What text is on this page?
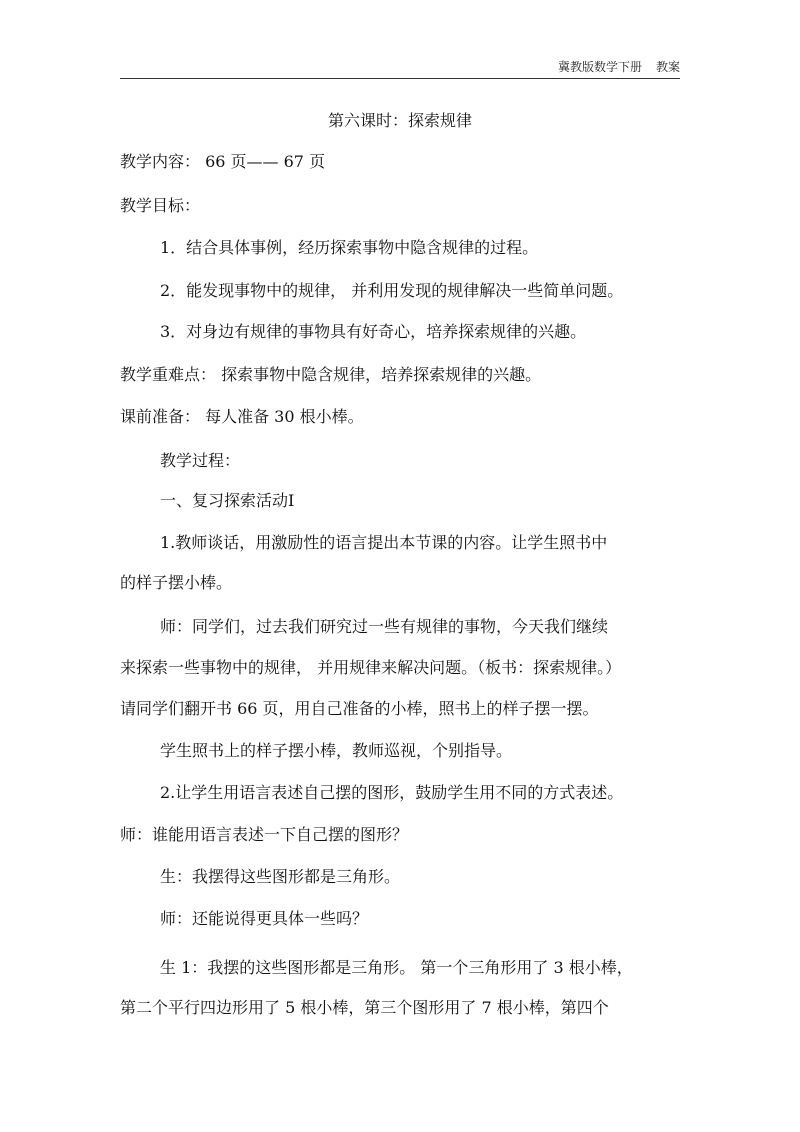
冀教版数学下册 教案
第六课时：探索规律
教学内容： 66 页—— 67 页
教学目标：
1．结合具体事例，经历探索事物中隐含规律的过程。
2．能发现事物中的规律， 并利用发现的规律解决一些简单问题。
3．对身边有规律的事物具有好奇心，培养探索规律的兴趣。
教学重难点： 探索事物中隐含规律，培养探索规律的兴趣。
课前准备： 每人准备 30 根小棒。
教学过程：
一、复习探索活动Ⅰ
1.教师谈话，用激励性的语言提出本节课的内容。让学生照书中
的样子摆小棒。
师：同学们，过去我们研究过一些有规律的事物，今天我们继续
来探索一些事物中的规律， 并用规律来解决问题。（板书：探索规律。）
请同学们翻开书 66 页，用自己准备的小棒，照书上的样子摆一摆。
学生照书上的样子摆小棒，教师巡视，个别指导。
2.让学生用语言表述自己摆的图形，鼓励学生用不同的方式表述。
师：谁能用语言表述一下自己摆的图形？
生：我摆得这些图形都是三角形。
师：还能说得更具体一些吗？
生 1：我摆的这些图形都是三角形。 第一个三角形用了 3 根小棒，
第二个平行四边形用了 5 根小棒，第三个图形用了 7 根小棒，第四个
